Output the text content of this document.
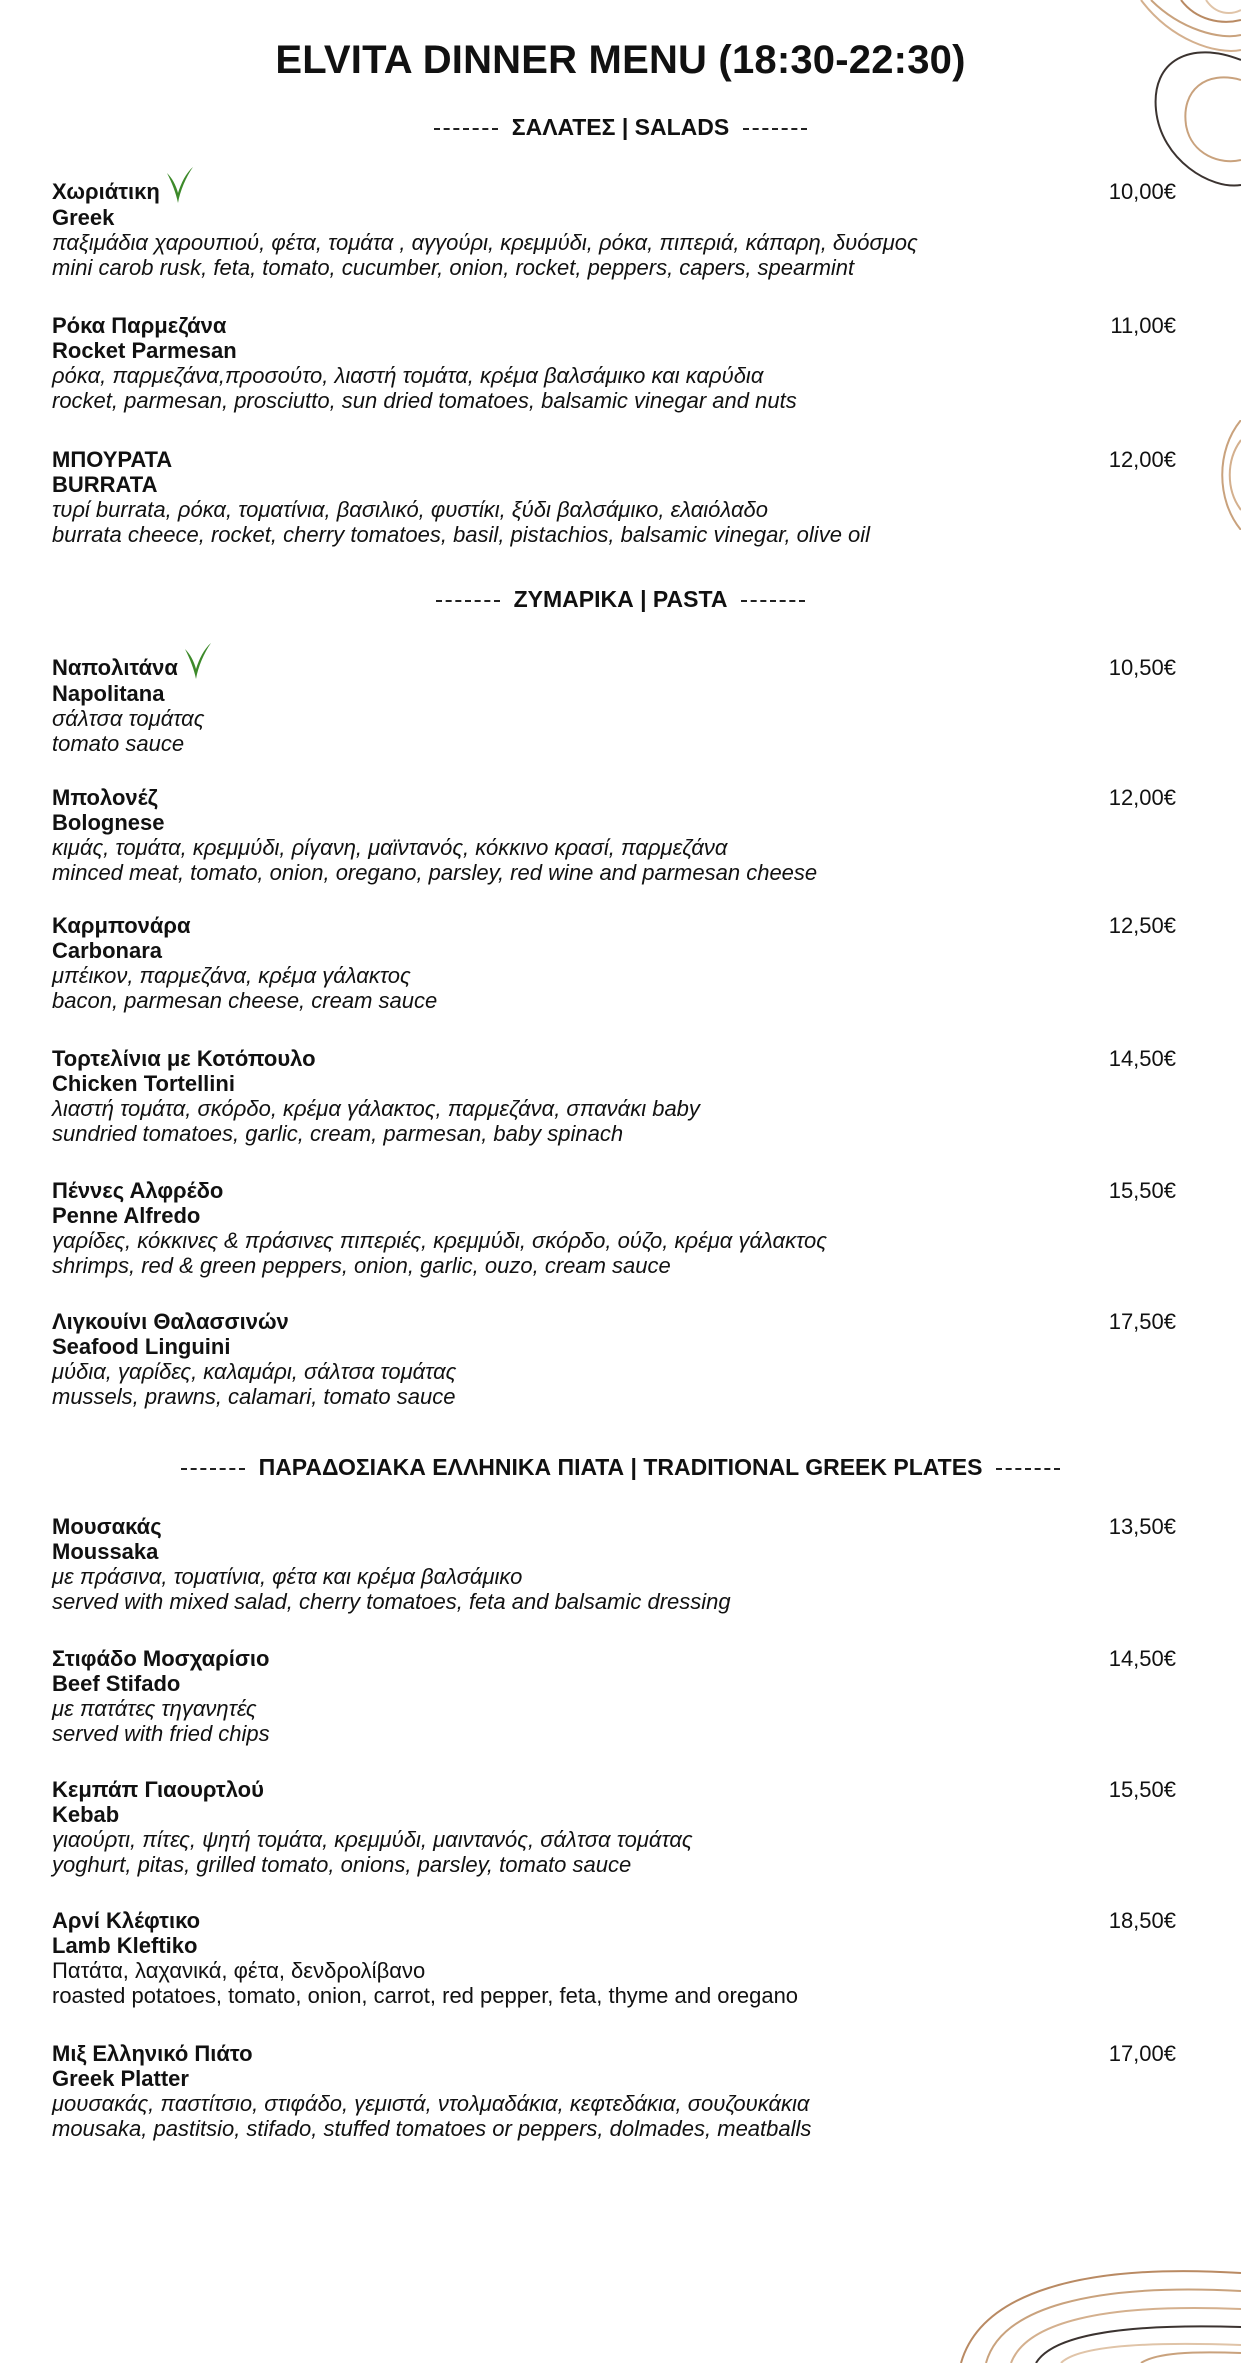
ELVITA DINNER MENU (18:30-22:30)
ΣΑΛΑΤΕΣ | SALADS
Χωριάτικη
Greek
παξιμάδια χαρουπιού, φέτα, τομάτα , αγγούρι, κρεμμύδι, ρόκα, πιπεριά, κάπαρη, δυόσμος
mini carob rusk, feta, tomato, cucumber, onion, rocket, peppers, capers, spearmint
10,00€
Ρόκα Παρμεζάνα
Rocket Parmesan
ρόκα, παρμεζάνα,προσούτο, λιαστή τομάτα, κρέμα βαλσάμικο και καρύδια
rocket, parmesan, prosciutto, sun dried tomatoes, balsamic vinegar and nuts
11,00€
ΜΠΟΥΡΑΤΑ
BURRATA
τυρί burrata, ρόκα, τοματίνια, βασιλικό, φυστίκι, ξύδι βαλσάμικο, ελαιόλαδο
burrata cheece, rocket, cherry tomatoes, basil, pistachios, balsamic vinegar, olive oil
12,00€
ΖΥΜΑΡΙΚΑ | PASTA
Ναπολιτάνα
Napolitana
σάλτσα τομάτας
tomato sauce
10,50€
Μπολονέζ
Bolognese
κιμάς, τομάτα, κρεμμύδι, ρίγανη, μαϊντανός, κόκκινο κρασί, παρμεζάνα
minced meat, tomato, onion, oregano, parsley, red wine and parmesan cheese
12,00€
Καρμπονάρα
Carbonara
μπέικον, παρμεζάνα, κρέμα γάλακτος
bacon, parmesan cheese, cream sauce
12,50€
Τορτελίνια με Κοτόπουλο
Chicken Tortellini
λιαστή τομάτα, σκόρδο, κρέμα γάλακτος, παρμεζάνα, σπανάκι baby
sundried tomatoes, garlic, cream, parmesan, baby spinach
14,50€
Πέννες Αλφρέδο
Penne Alfredo
γαρίδες, κόκκινες & πράσινες πιπεριές, κρεμμύδι, σκόρδο, ούζο, κρέμα γάλακτος
shrimps, red & green peppers, onion, garlic, ouzo, cream sauce
15,50€
Λιγκουίνι Θαλασσινών
Seafood Linguini
μύδια, γαρίδες, καλαμάρι, σάλτσα τομάτας
mussels, prawns, calamari, tomato sauce
17,50€
ΠΑΡΑΔΟΣΙΑΚΑ ΕΛΛΗΝΙΚΑ ΠΙΑΤΑ | TRADITIONAL GREEK PLATES
Μουσακάς
Moussaka
με πράσινα, τοματίνια, φέτα και κρέμα βαλσάμικο
served with mixed salad, cherry tomatoes, feta and balsamic dressing
13,50€
Στιφάδο Μοσχαρίσιο
Beef Stifado
με πατάτες τηγανητές
served with fried chips
14,50€
Κεμπάπ Γιαουρτλού
Kebab
γιαούρτι, πίτες, ψητή τομάτα, κρεμμύδι, μαιντανός, σάλτσα τομάτας
yoghurt, pitas, grilled tomato, onions, parsley, tomato sauce
15,50€
Αρνί Κλέφτικο
Lamb Kleftiko
Πατάτα, λαχανικά, φέτα, δενδρολίβανο
roasted potatoes, tomato, onion, carrot, red pepper, feta, thyme and oregano
18,50€
Μιξ Ελληνικό Πιάτο
Greek Platter
μουσακάς, παστίτσιο, στιφάδο, γεμιστά, ντολμαδάκια, κεφτεδάκια, σουζουκάκια
mousaka, pastitsio, stifado, stuffed tomatoes or peppers, dolmades, meatballs
17,00€
